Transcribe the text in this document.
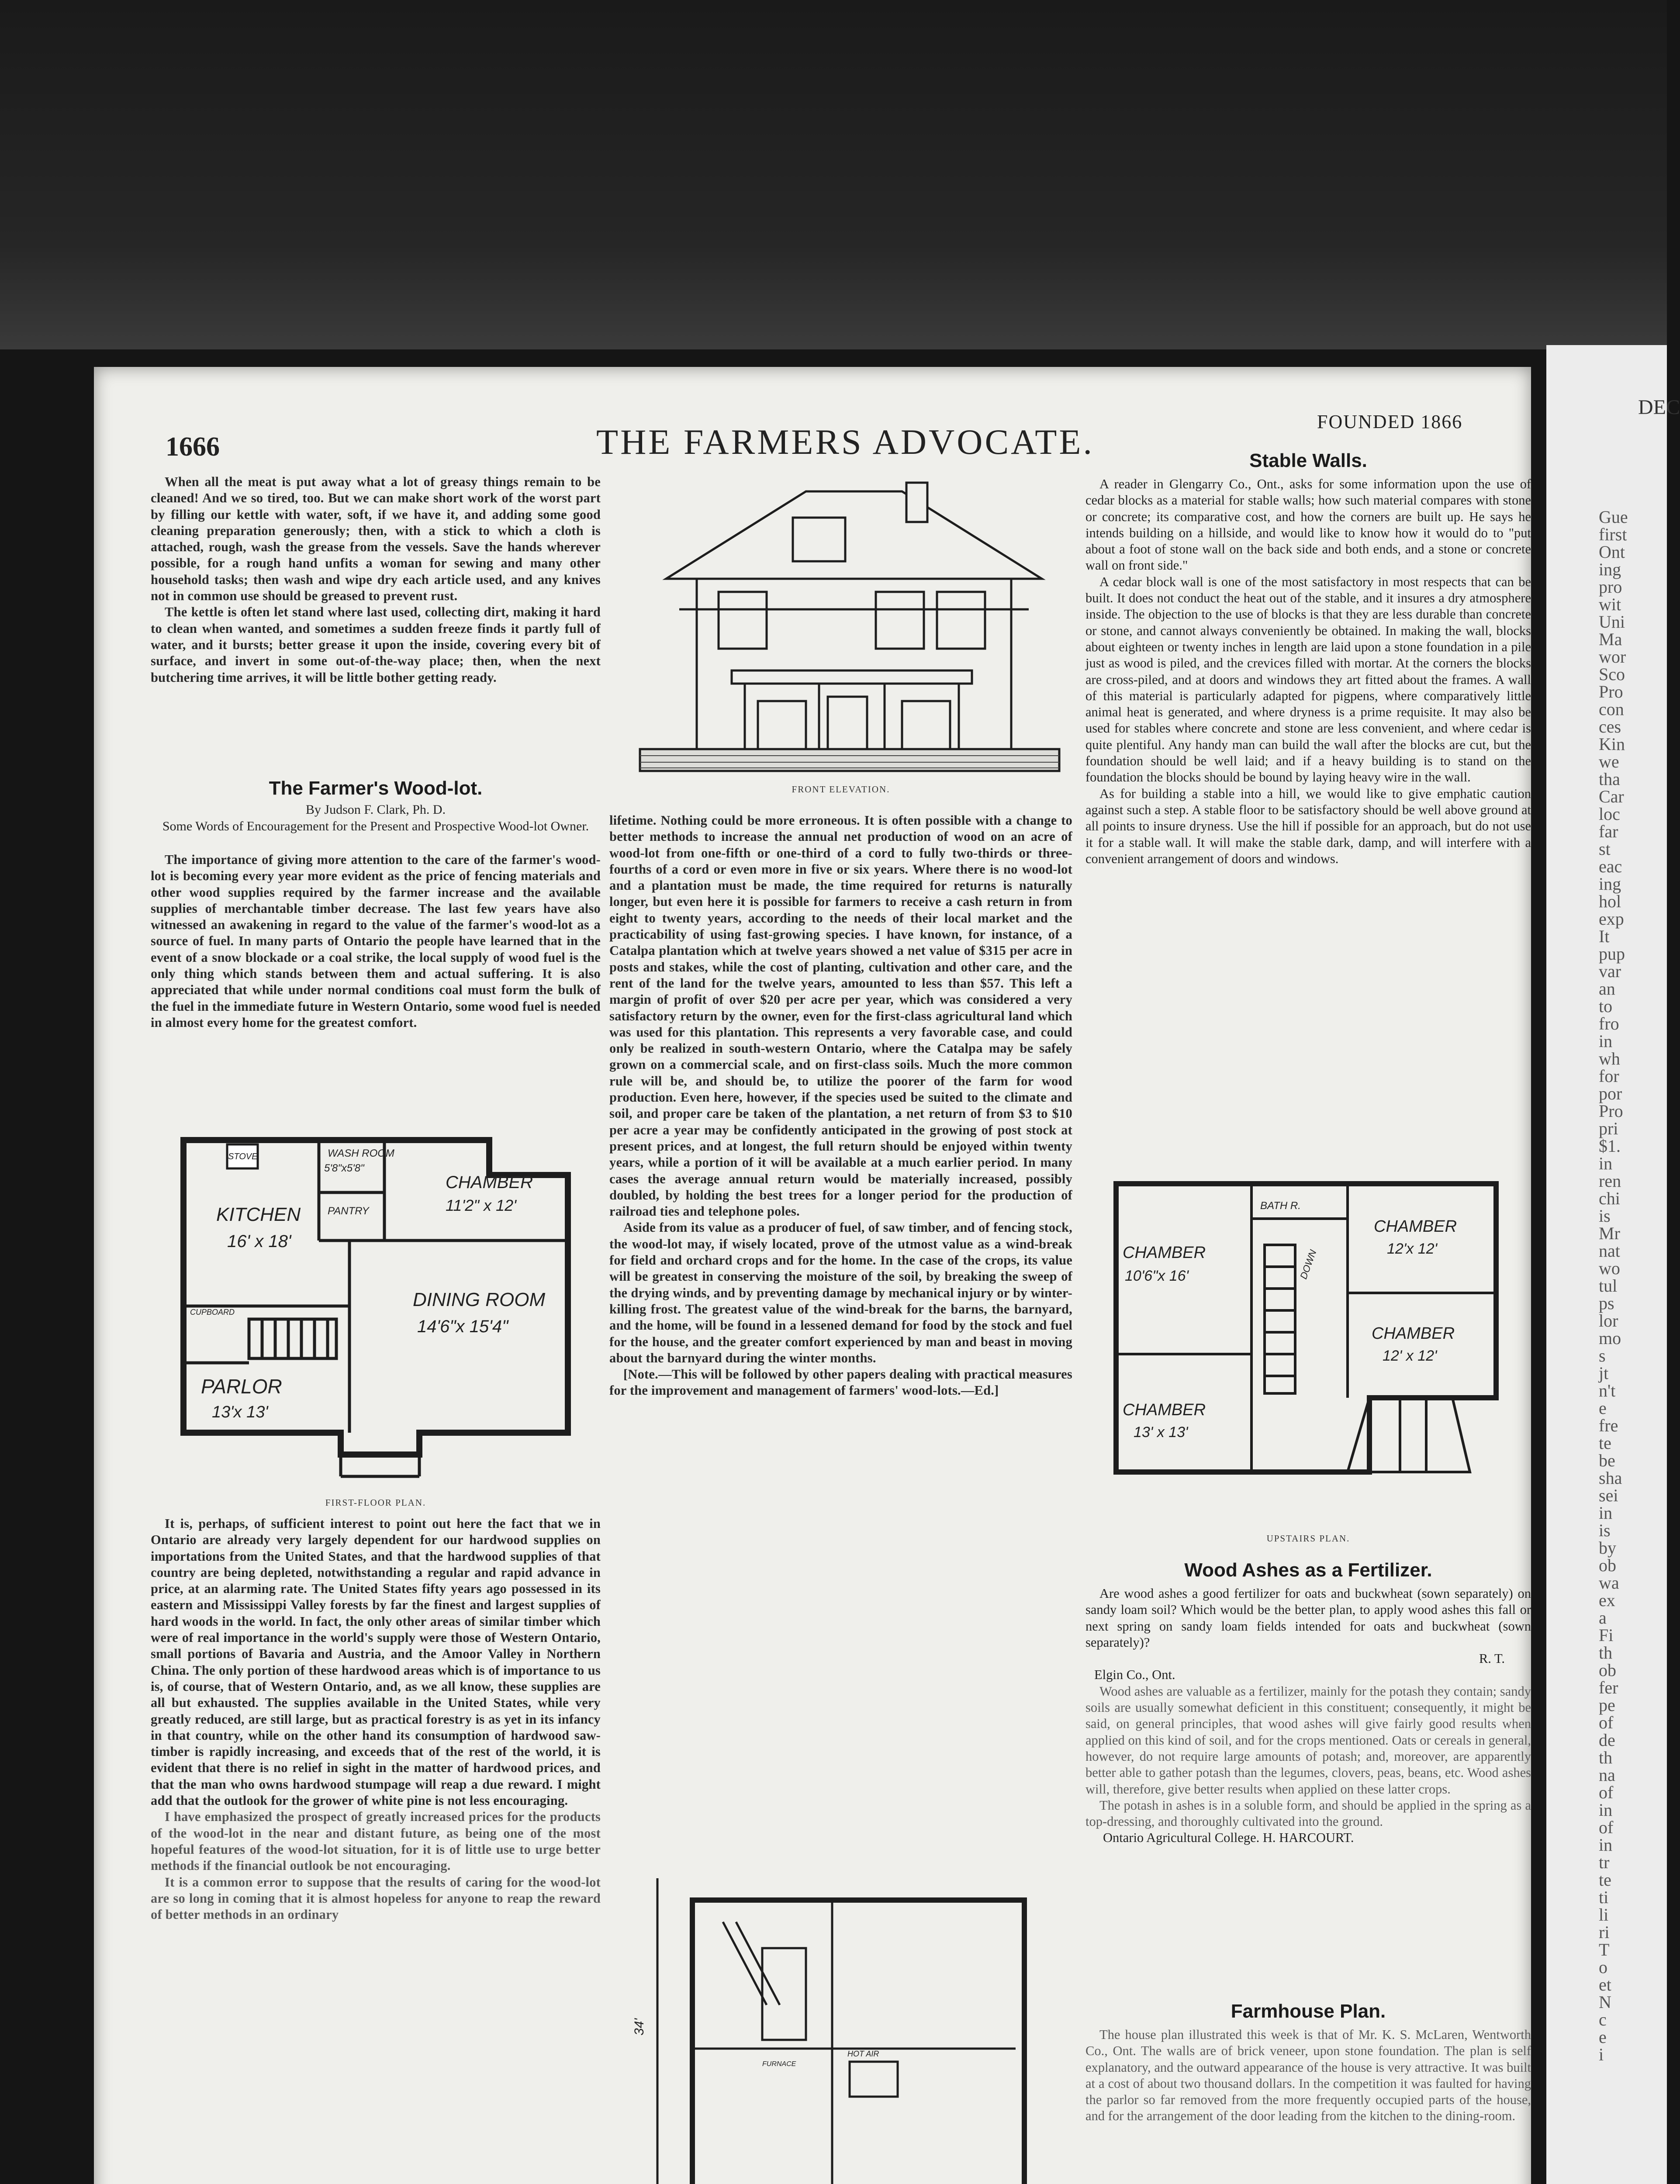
DEC
Gue
first
Ont
ing
pro
wit
Uni
Ma
wor
Sco
Pro
con
ces
Kin
we
tha
Car
loc
far
st
eac
ing
hol
exp
It
pup
var
an
to
fro
in
wh
for
por
Pro
pri
$1.
in
ren
chi
is
Mr
nat
wo
tul
ps
lor
mo
s
jt
n't
e
fre
te
be
sha
sei
in
is
by
ob
wa
ex
a
Fi
th
ob
fer
pe
of
de
th
na
of
in
of
in
tr
te
ti
li
ri
T
o
et
N
c
e
i
1666	THE FARMERS ADVOCATE.
FOUNDED 1866

When all the meat is put away what a lot of greasy things remain to be cleaned! And we so tired, too. But we can make short work of the worst part by filling our kettle with water, soft, if we have it, and adding some good cleaning preparation generously; then, with a stick to which a cloth is attached, rough, wash the grease from the vessels. Save the hands wherever possible, for a rough hand unfits a woman for sewing and many other household tasks; then wash and wipe dry each article used, and any knives not in common use should be greased to prevent rust.

The kettle is often let stand where last used, collecting dirt, making it hard to clean when wanted, and sometimes a sudden freeze finds it partly full of water, and it bursts; better grease it upon the inside, covering every bit of surface, and invert in some out-of-the-way place; then, when the next butchering time arrives, it will be little bother getting ready.

The Farmer's Wood-lot.
By Judson F. Clark, Ph. D.
Some Words of Encouragement for the Present and Prospective Wood-lot Owner.

The importance of giving more attention to the care of the farmer's wood-lot is becoming every year more evident as the price of fencing materials and other wood supplies required by the farmer increase and the available supplies of merchantable timber decrease. The last few years have also witnessed an awakening in regard to the value of the farmer's wood-lot as a source of fuel. In many parts of Ontario the people have learned that in the event of a snow blockade or a coal strike, the local supply of wood fuel is the only thing which stands between them and actual suffering. It is also appreciated that while under normal conditions coal must form the bulk of the fuel in the immediate future in Western Ontario, some wood fuel is needed in almost every home for the greatest comfort.

STOVE	WASH ROOM
5'8"x5'8"
PANTRY
KITCHEN
16' x 18'
CHAMBER
11'2" x 12'
CUPBOARD
DINING ROOM
14'6"x 15'4"
PARLOR
13'x 13'
FIRST-FLOOR PLAN.

It is, perhaps, of sufficient interest to point out here the fact that we in Ontario are already very largely dependent for our hardwood supplies on importations from the United States, and that the hardwood supplies of that country are being depleted, notwithstanding a regular and rapid advance in price, at an alarming rate. The United States fifty years ago possessed in its eastern and Mississippi Valley forests by far the finest and largest supplies of hard woods in the world. In fact, the only other areas of similar timber which were of real importance in the world's supply were those of Western Ontario, small portions of Bavaria and Austria, and the Amoor Valley in Northern China. The only portion of these hardwood areas which is of importance to us is, of course, that of Western Ontario, and, as we all know, these supplies are all but exhausted. The supplies available in the United States, while very greatly reduced, are still large, but as practical forestry is as yet in its infancy in that country, while on the other hand its consumption of hardwood saw-timber is rapidly increasing, and exceeds that of the rest of the world, it is evident that there is no relief in sight in the matter of hardwood prices, and that the man who owns hardwood stumpage will reap a due reward. I might add that the outlook for the grower of white pine is not less encouraging.

I have emphasized the prospect of greatly increased prices for the products of the wood-lot in the near and distant future, as being one of the most hopeful features of the wood-lot situation, for it is of little use to urge better methods if the financial outlook be not encouraging.

It is a common error to suppose that the results of caring for the wood-lot are so long in coming that it is almost hopeless for anyone to reap the reward of better methods in an ordinary

FRONT ELEVATION.

lifetime. Nothing could be more erroneous. It is often possible with a change to better methods to increase the annual net production of wood on an acre of wood-lot from one-fifth or one-third of a cord to fully two-thirds or three-fourths of a cord or even more in five or six years. Where there is no wood-lot and a plantation must be made, the time required for returns is naturally longer, but even here it is possible for farmers to receive a cash return in from eight to twenty years, according to the needs of their local market and the practicability of using fast-growing species. I have known, for instance, of a Catalpa plantation which at twelve years showed a net value of $315 per acre in posts and stakes, while the cost of planting, cultivation and other care, and the rent of the land for the twelve years, amounted to less than $57. This left a margin of profit of over $20 per acre per year, which was considered a very satisfactory return by the owner, even for the first-class agricultural land which was used for this plantation. This represents a very favorable case, and could only be realized in south-western Ontario, where the Catalpa may be safely grown on a commercial scale, and on first-class soils. Much the more common rule will be, and should be, to utilize the poorer of the farm for wood production. Even here, however, if the species used be suited to the climate and soil, and proper care be taken of the plantation, a net return of from $3 to $10 per acre a year may be confidently anticipated in the growing of post stock at present prices, and at longest, the full return should be enjoyed within twenty years, while a portion of it will be available at a much earlier period. In many cases the average annual return would be materially increased, possibly doubled, by holding the best trees for a longer period for the production of railroad ties and telephone poles.

Aside from its value as a producer of fuel, of saw timber, and of fencing stock, the wood-lot may, if wisely located, prove of the utmost value as a wind-break for field and orchard crops and for the home. In the case of the crops, its value will be greatest in conserving the moisture of the soil, by breaking the sweep of the drying winds, and by preventing damage by mechanical injury or by winter-killing frost. The greatest value of the wind-break for the barns, the barnyard, and the home, will be found in a lessened demand for food by the stock and fuel for the house, and the greater comfort experienced by man and beast in moving about the barnyard during the winter months.

[Note.—This will be followed by other papers dealing with practical measures for the improvement and management of farmers' wood-lots.—Ed.]

34'
HOT AIR
FURNACE
Stable Walls.

A reader in Glengarry Co., Ont., asks for some information upon the use of cedar blocks as a material for stable walls; how such material compares with stone or concrete; its comparative cost, and how the corners are built up. He says he intends building on a hillside, and would like to know how it would do to "put about a foot of stone wall on the back side and both ends, and a stone or concrete wall on front side."

A cedar block wall is one of the most satisfactory in most respects that can be built. It does not conduct the heat out of the stable, and it insures a dry atmosphere inside. The objection to the use of blocks is that they are less durable than concrete or stone, and cannot always conveniently be obtained. In making the wall, blocks about eighteen or twenty inches in length are laid upon a stone foundation in a pile just as wood is piled, and the crevices filled with mortar. At the corners the blocks are cross-piled, and at doors and windows they art fitted about the frames. A wall of this material is particularly adapted for pigpens, where comparatively little animal heat is generated, and where dryness is a prime requisite. It may also be used for stables where concrete and stone are less convenient, and where cedar is quite plentiful. Any handy man can build the wall after the blocks are cut, but the foundation should be well laid; and if a heavy building is to stand on the foundation the blocks should be bound by laying heavy wire in the wall.

As for building a stable into a hill, we would like to give emphatic caution against such a step. A stable floor to be satisfactory should be well above ground at all points to insure dryness. Use the hill if possible for an approach, but do not use it for a stable wall. It will make the stable dark, damp, and will interfere with a convenient arrangement of doors and windows.

BATH R.
DOWN
CHAMBER
10'6"x 16'
CHAMBER
12'x 12'
CHAMBER
12' x 12'
CHAMBER
13' x 13'
UPSTAIRS PLAN.
Wood Ashes as a Fertilizer.

Are wood ashes a good fertilizer for oats and buckwheat (sown separately) on sandy loam soil? Which would be the better plan, to apply wood ashes this fall or next spring on sandy loam fields intended for oats and buckwheat (sown separately)?

R. T.

Elgin Co., Ont.

Wood ashes are valuable as a fertilizer, mainly for the potash they contain; sandy soils are usually somewhat deficient in this constituent; consequently, it might be said, on general principles, that wood ashes will give fairly good results when applied on this kind of soil, and for the crops mentioned. Oats or cereals in general, however, do not require large amounts of potash; and, moreover, are apparently better able to gather potash than the legumes, clovers, peas, beans, etc. Wood ashes will, therefore, give better results when applied on these latter crops.

The potash in ashes is in a soluble form, and should be applied in the spring as a top-dressing, and thoroughly cultivated into the ground.

Ontario Agricultural College. H. HARCOURT.

Farmhouse Plan.

The house plan illustrated this week is that of Mr. K. S. McLaren, Wentworth Co., Ont. The walls are of brick veneer, upon stone foundation. The plan is self explanatory, and the outward appearance of the house is very attractive. It was built at a cost of about two thousand dollars. In the competition it was faulted for having the parlor so far removed from the more frequently occupied parts of the house, and for the arrangement of the door leading from the kitchen to the dining-room.
